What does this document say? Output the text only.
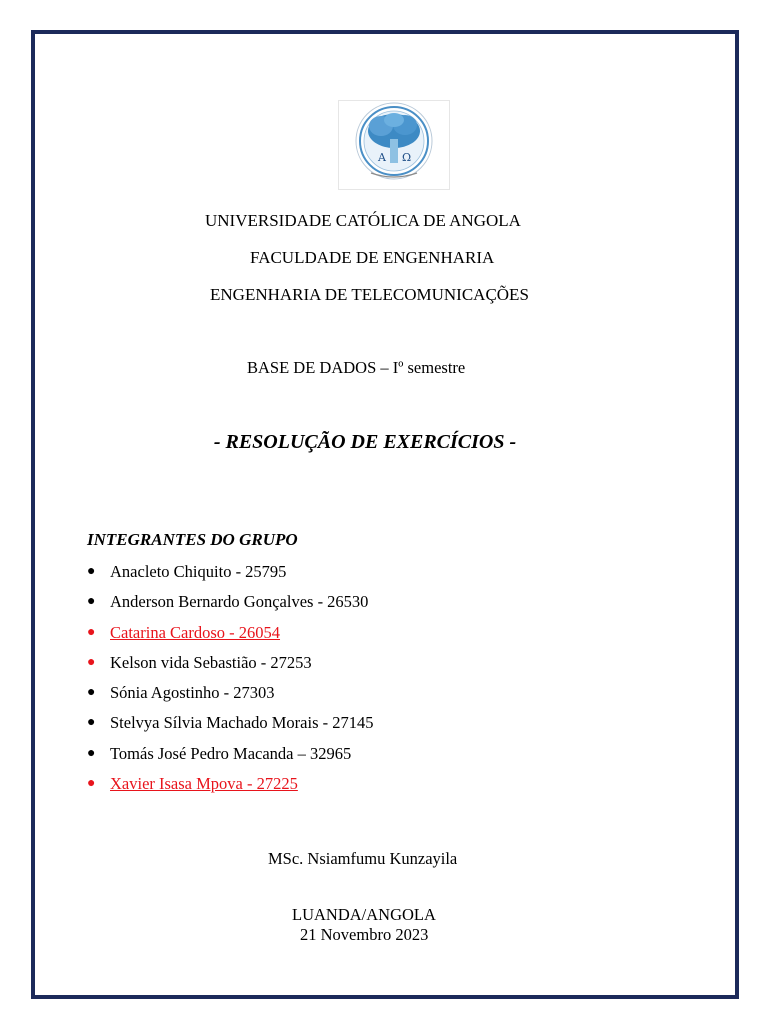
Α Ω
UNIVERSIDADE CATÓLICA DE ANGOLA
FACULDADE DE ENGENHARIA
ENGENHARIA DE TELECOMUNICAÇÕES
BASE DE DADOS – Iº semestre
- RESOLUÇÃO DE EXERCÍCIOS -
INTEGRANTES DO GRUPO
● Anacleto Chiquito - 25795
● Anderson Bernardo Gonçalves - 26530
● Catarina Cardoso - 26054
● Kelson vida Sebastião - 27253
● Sónia Agostinho - 27303
● Stelvya Sílvia Machado Morais - 27145
● Tomás José Pedro Macanda – 32965
● Xavier Isasa Mpova - 27225
MSc. Nsiamfumu Kunzayila
LUANDA/ANGOLA
21 Novembro 2023
